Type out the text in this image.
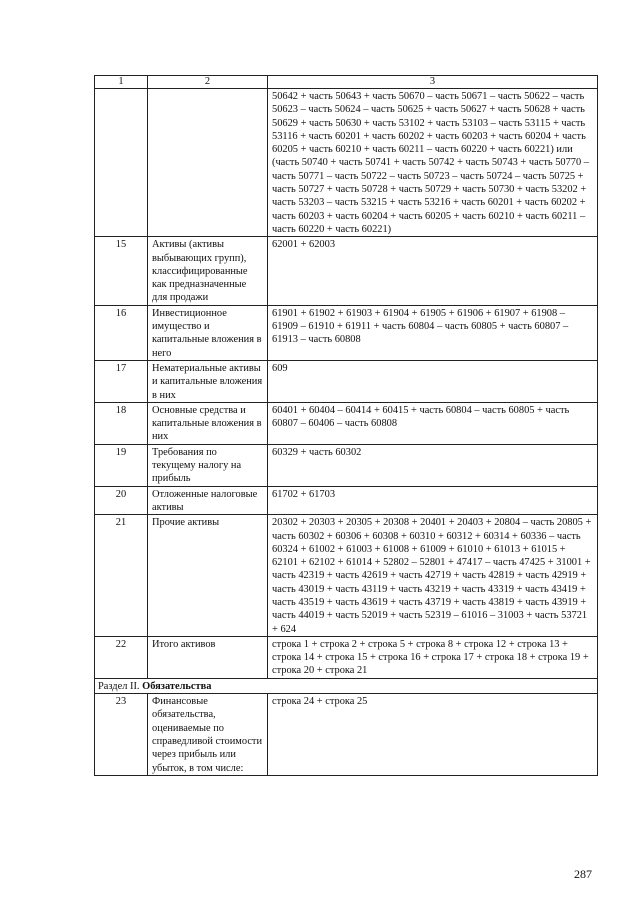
1	2	3
		50642 + часть 50643 + часть 50670 – часть 50671 – часть 50622 – часть 50623 – часть 50624 – часть 50625 + часть 50627 + часть 50628 + часть 50629 + часть 50630 + часть 53102 + часть 53103 – часть 53115 + часть 53116 + часть 60201 + часть 60202 + часть 60203 + часть 60204 + часть 60205 + часть 60210 + часть 60211 – часть 60220 + часть 60221) или (часть 50740 + часть 50741 + часть 50742 + часть 50743 + часть 50770 – часть 50771 – часть 50722 – часть 50723 – часть 50724 – часть 50725 + часть 50727 + часть 50728 + часть 50729 + часть 50730 + часть 53202 + часть 53203 – часть 53215 + часть 53216 + часть 60201 + часть 60202 + часть 60203 + часть 60204 + часть 60205 + часть 60210 + часть 60211 – часть 60220 + часть 60221)
15	Активы (активы выбывающих групп), классифицированные как предназначенные для продажи	62001 + 62003
16	Инвестиционное имущество и капитальные вложения в него	61901 + 61902 + 61903 + 61904 + 61905 + 61906 + 61907 + 61908 – 61909 – 61910 + 61911 + часть 60804 – часть 60805 + часть 60807 – 61913 – часть 60808
17	Нематериальные активы и капитальные вложения в них	609
18	Основные средства и капитальные вложения в них	60401 + 60404 – 60414 + 60415 + часть 60804 – часть 60805 + часть 60807 – 60406 – часть 60808
19	Требования по текущему налогу на прибыль	60329 + часть 60302
20	Отложенные налоговые активы	61702 + 61703
21	Прочие активы	20302 + 20303 + 20305 + 20308 + 20401 + 20403 + 20804 – часть 20805 + часть 60302 + 60306 + 60308 + 60310 + 60312 + 60314 + 60336 – часть 60324 + 61002 + 61003 + 61008 + 61009 + 61010 + 61013 + 61015 + 62101 + 62102 + 61014 + 52802 – 52801 + 47417 – часть 47425 + 31001 + часть 42319 + часть 42619 + часть 42719 + часть 42819 + часть 42919 + часть 43019 + часть 43119 + часть 43219 + часть 43319 + часть 43419 + часть 43519 + часть 43619 + часть 43719 + часть 43819 + часть 43919 + часть 44019 + часть 52019 + часть 52319 – 61016 – 31003 + часть 53721 + 624
22	Итого активов	строка 1 + строка 2 + строка 5 + строка 8 + строка 12 + строка 13 + строка 14 + строка 15 + строка 16 + строка 17 + строка 18 + строка 19 + строка 20 + строка 21
Раздел II. Обязательства		
23	Финансовые обязательства, оцениваемые по справедливой стоимости через прибыль или убыток, в том числе:	строка 24 + строка 25
287
